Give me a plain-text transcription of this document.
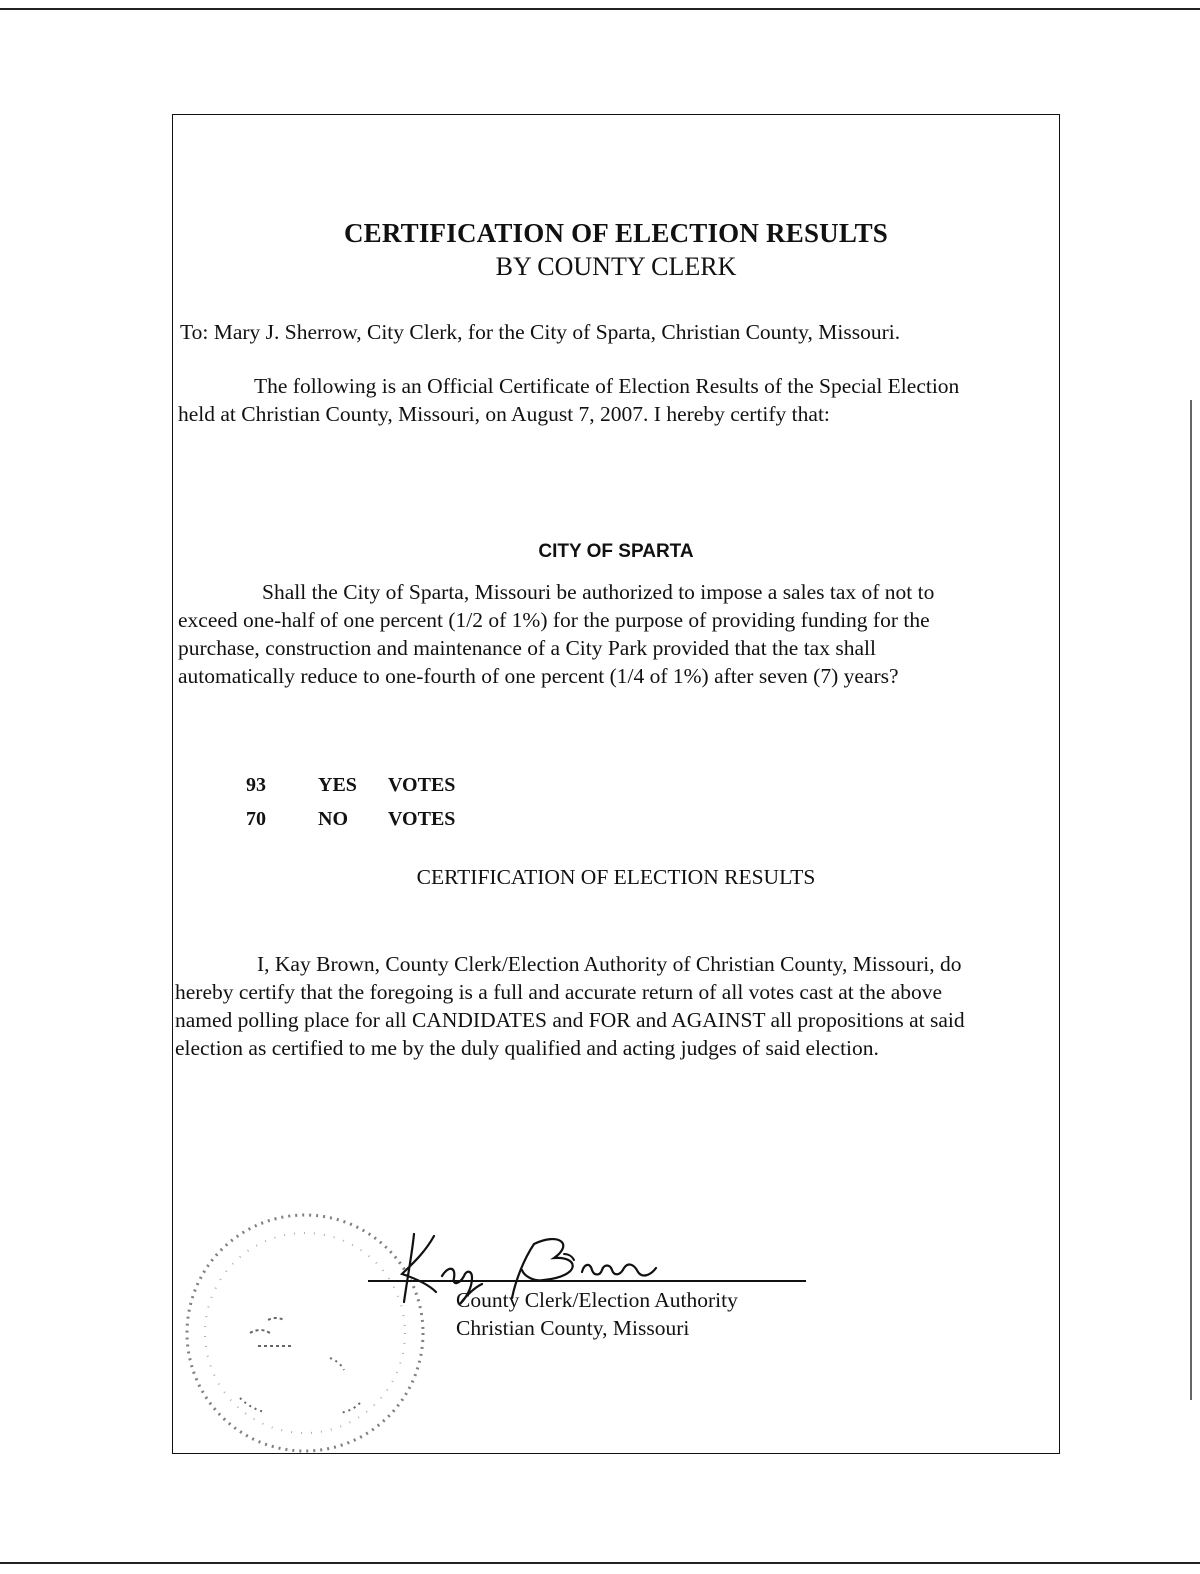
CERTIFICATION OF ELECTION RESULTS
BY COUNTY CLERK
To: Mary J. Sherrow, City Clerk, for the City of Sparta, Christian County, Missouri.
The following is an Official Certificate of Election Results of the Special Election
held at Christian County, Missouri, on August 7, 2007. I hereby certify that:
CITY OF SPARTA
Shall the City of Sparta, Missouri be authorized to impose a sales tax of not to
exceed one-half of one percent (1/2 of 1%) for the purpose of providing funding for the
purchase, construction and maintenance of a City Park provided that the tax shall
automatically reduce to one-fourth of one percent (1/4 of 1%) after seven (7) years?
93	YES VOTES
70	NO VOTES
CERTIFICATION OF ELECTION RESULTS
I, Kay Brown, County Clerk/Election Authority of Christian County, Missouri, do
hereby certify that the foregoing is a full and accurate return of all votes cast at the above
named polling place for all CANDIDATES and FOR and AGAINST all propositions at said
election as certified to me by the duly qualified and acting judges of said election.
County Clerk/Election Authority
Christian County, Missouri
